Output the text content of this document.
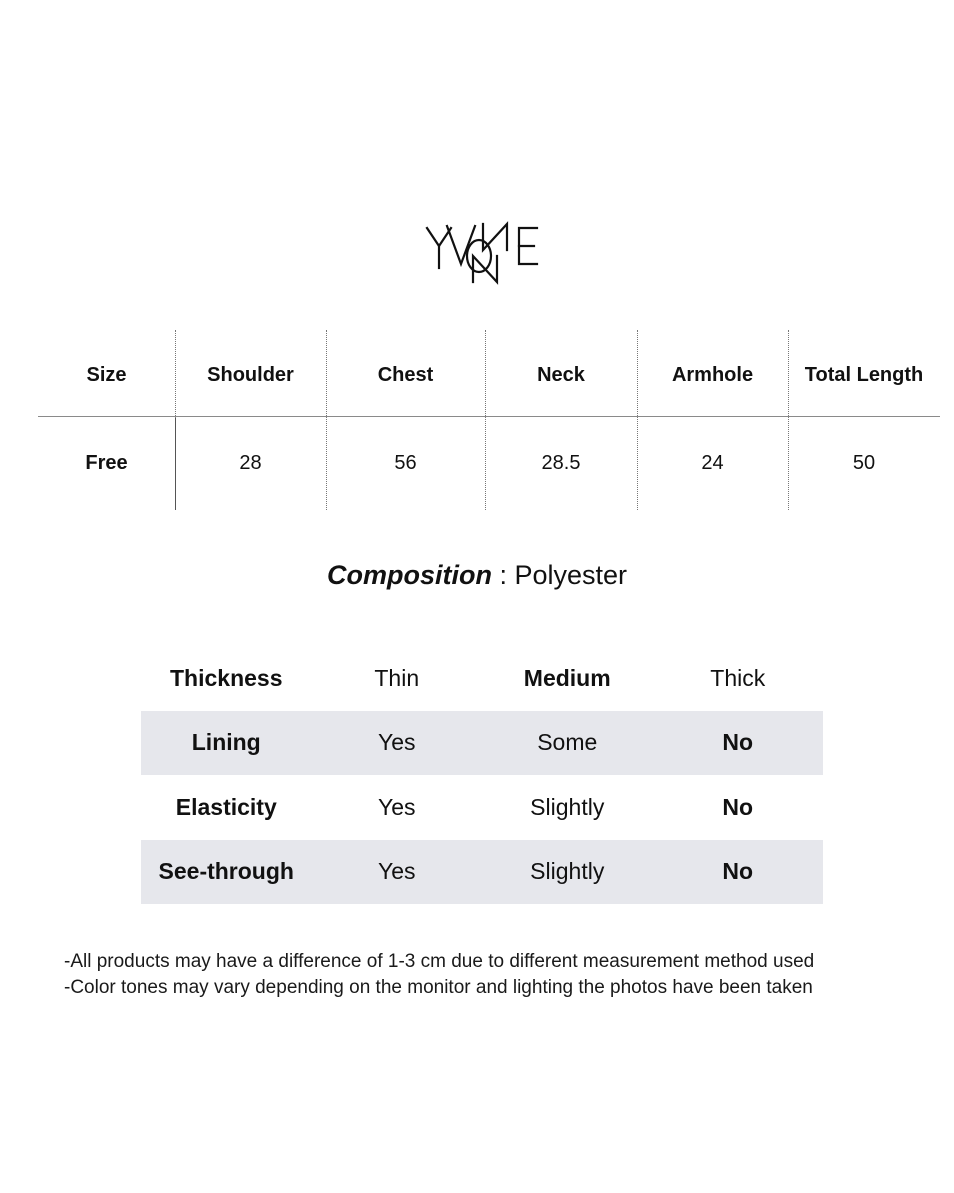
Size	Shoulder	Chest	Neck	Armhole	Total Length
Free	28	56	28.5	24	50
Composition : Polyester
Thickness	Thin	Medium	Thick
Lining	Yes	Some	No
Elasticity	Yes	Slightly	No
See-through	Yes	Slightly	No
-All products may have a difference of 1-3 cm due to different measurement method used
-Color tones may vary depending on the monitor and lighting the photos have been taken
